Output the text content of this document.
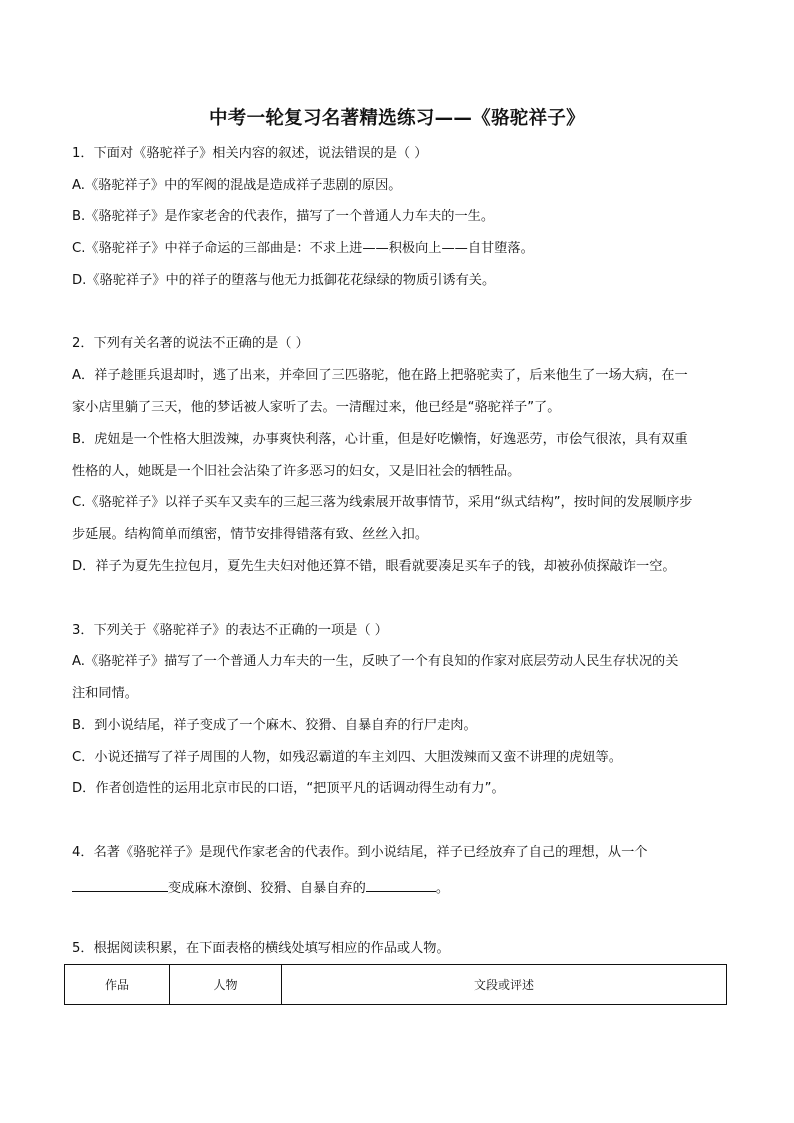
中考一轮复习名著精选练习——《骆驼祥子》
1．下面对《骆驼祥子》相关内容的叙述，说法错误的是（ ）
A.《骆驼祥子》中的军阀的混战是造成祥子悲剧的原因。
B.《骆驼祥子》是作家老舍的代表作，描写了一个普通人力车夫的一生。
C.《骆驼祥子》中祥子命运的三部曲是：不求上进——积极向上——自甘堕落。
D.《骆驼祥子》中的祥子的堕落与他无力抵御花花绿绿的物质引诱有关。
2．下列有关名著的说法不正确的是（ ）
A．祥子趁匪兵退却时，逃了出来，并牵回了三匹骆驼，他在路上把骆驼卖了，后来他生了一场大病，在一
家小店里躺了三天，他的梦话被人家听了去。一清醒过来，他已经是“骆驼祥子”了。
B．虎妞是一个性格大胆泼辣，办事爽快利落，心计重，但是好吃懒惰，好逸恶劳，市侩气很浓，具有双重
性格的人，她既是一个旧社会沾染了许多恶习的妇女，又是旧社会的牺牲品。
C.《骆驼祥子》以祥子买车又卖车的三起三落为线索展开故事情节，采用“纵式结构”，按时间的发展顺序步
步延展。结构简单而缜密，情节安排得错落有致、丝丝入扣。
D．祥子为夏先生拉包月，夏先生夫妇对他还算不错，眼看就要凑足买车子的钱，却被孙侦探敲诈一空。
3．下列关于《骆驼祥子》的表达不正确的一项是（ ）
A.《骆驼祥子》描写了一个普通人力车夫的一生，反映了一个有良知的作家对底层劳动人民生存状况的关
注和同情。
B．到小说结尾，祥子变成了一个麻木、狡猾、自暴自弃的行尸走肉。
C．小说还描写了祥子周围的人物，如残忍霸道的车主刘四、大胆泼辣而又蛮不讲理的虎妞等。
D．作者创造性的运用北京市民的口语，“把顶平凡的话调动得生动有力”。
4．名著《骆驼祥子》是现代作家老舍的代表作。到小说结尾，祥子已经放弃了自己的理想，从一个
变成麻木潦倒、狡猾、自暴自弃的	。
5．根据阅读积累，在下面表格的横线处填写相应的作品或人物。
作品	人物	文段或评述
